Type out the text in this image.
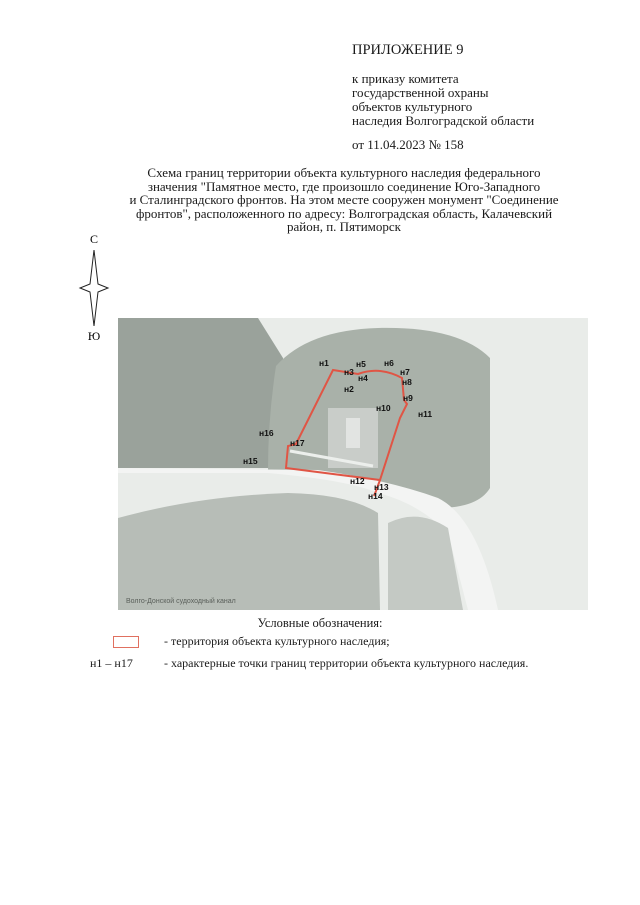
ПРИЛОЖЕНИЕ 9
к приказу комитета
государственной охраны
объектов культурного
наследия Волгоградской области
от 11.04.2023 № 158
Схема границ территории объекта культурного наследия федерального
значения "Памятное место, где произошло соединение Юго-Западного
и Сталинградского фронтов. На этом месте сооружен монумент "Соединение
фронтов", расположенного по адресу: Волгоградская область, Калачевский
район, п. Пятиморск
С
Ю
Волго-Донской судоходный канал
н1
н2
н3
н4
н5 н6
н7
н8
н9
н10
н11
н12
н13
н14
н15
н16
н17
Условные обозначения:
- территория объекта культурного наследия;
н1 – н17	- характерные точки границ территории объекта культурного наследия.
